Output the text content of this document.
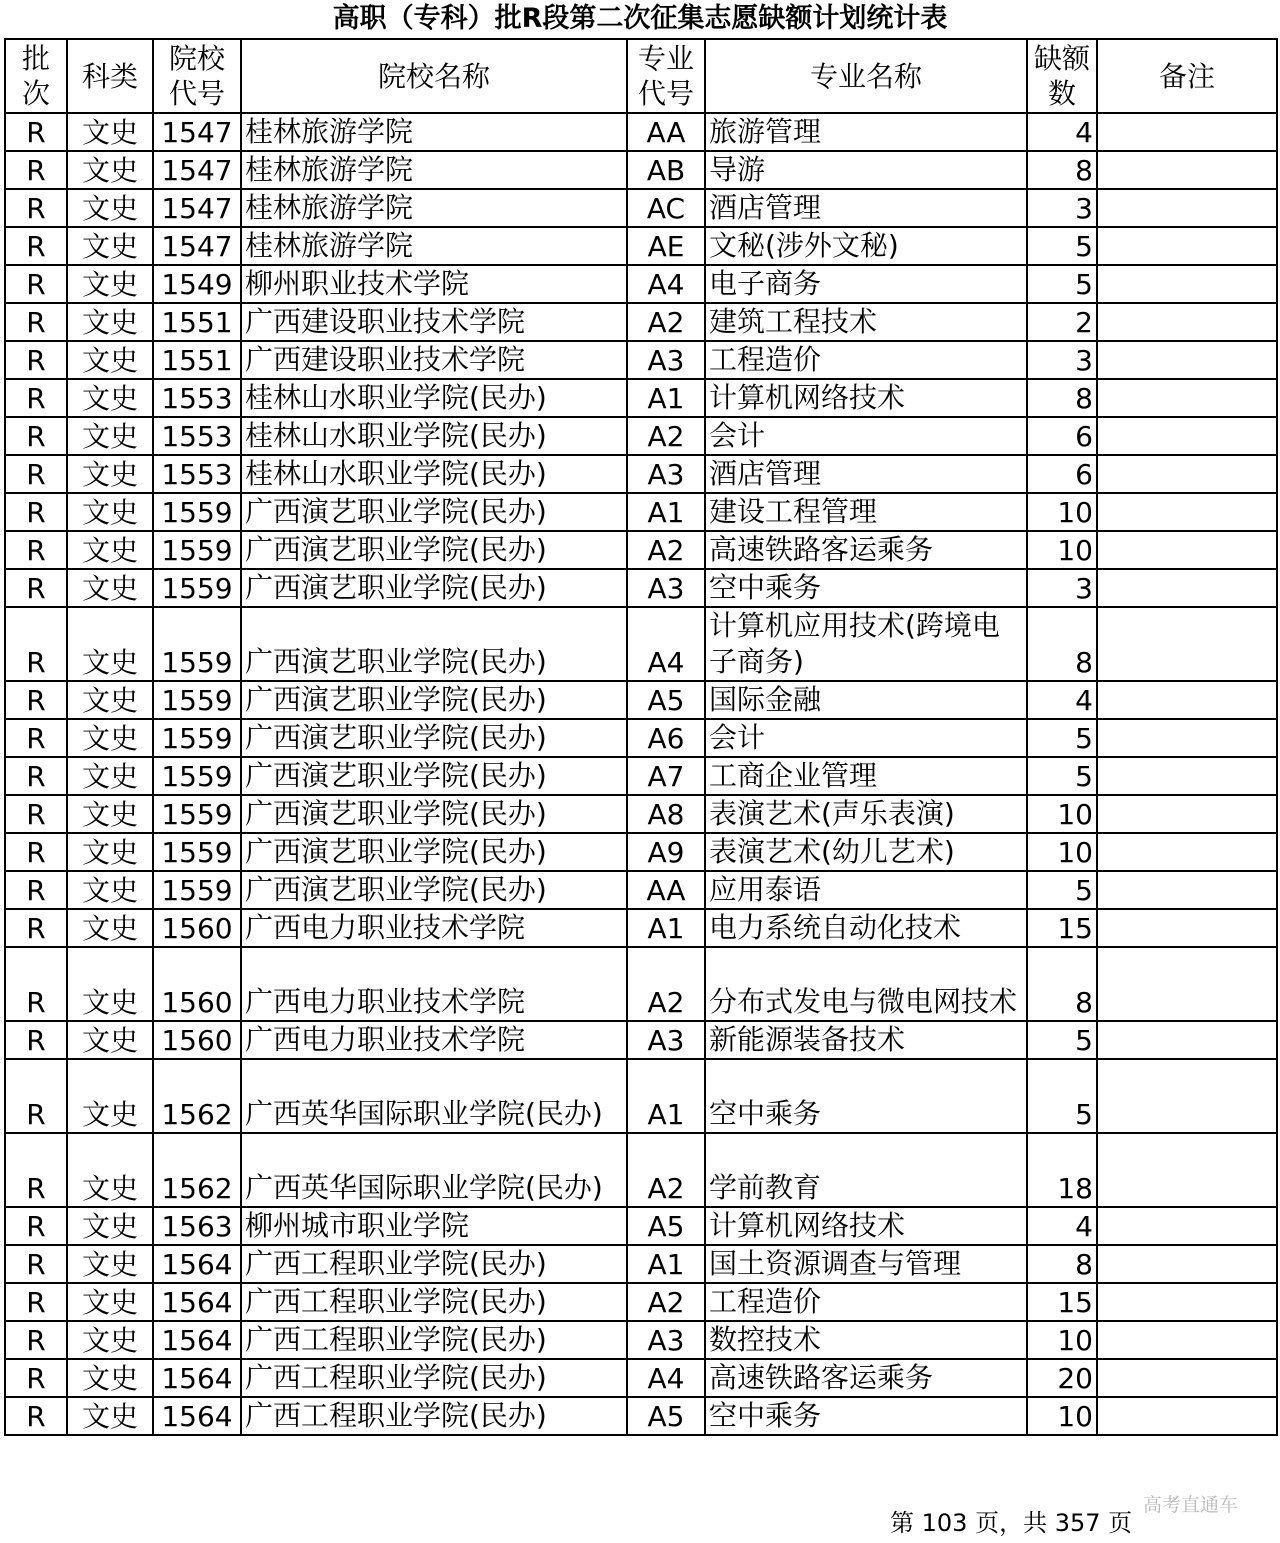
高职（专科）批R段第二次征集志愿缺额计划统计表
批次	科类	院校代号	院校名称	专业代号	专业名称	缺额数	备注
R	文史	1547	桂林旅游学院	AA	旅游管理	4	
R	文史	1547	桂林旅游学院	AB	导游	8	
R	文史	1547	桂林旅游学院	AC	酒店管理	3	
R	文史	1547	桂林旅游学院	AE	文秘(涉外文秘)	5	
R	文史	1549	柳州职业技术学院	A4	电子商务	5	
R	文史	1551	广西建设职业技术学院	A2	建筑工程技术	2	
R	文史	1551	广西建设职业技术学院	A3	工程造价	3	
R	文史	1553	桂林山水职业学院(民办)	A1	计算机网络技术	8	
R	文史	1553	桂林山水职业学院(民办)	A2	会计	6	
R	文史	1553	桂林山水职业学院(民办)	A3	酒店管理	6	
R	文史	1559	广西演艺职业学院(民办)	A1	建设工程管理	10	
R	文史	1559	广西演艺职业学院(民办)	A2	高速铁路客运乘务	10	
R	文史	1559	广西演艺职业学院(民办)	A3	空中乘务	3	
R	文史	1559	广西演艺职业学院(民办)	A4	计算机应用技术(跨境电子商务)	8	
R	文史	1559	广西演艺职业学院(民办)	A5	国际金融	4	
R	文史	1559	广西演艺职业学院(民办)	A6	会计	5	
R	文史	1559	广西演艺职业学院(民办)	A7	工商企业管理	5	
R	文史	1559	广西演艺职业学院(民办)	A8	表演艺术(声乐表演)	10	
R	文史	1559	广西演艺职业学院(民办)	A9	表演艺术(幼儿艺术)	10	
R	文史	1559	广西演艺职业学院(民办)	AA	应用泰语	5	
R	文史	1560	广西电力职业技术学院	A1	电力系统自动化技术	15	
R	文史	1560	广西电力职业技术学院	A2	分布式发电与微电网技术	8	
R	文史	1560	广西电力职业技术学院	A3	新能源装备技术	5	
R	文史	1562	广西英华国际职业学院(民办)	A1	空中乘务	5	
R	文史	1562	广西英华国际职业学院(民办)	A2	学前教育	18	
R	文史	1563	柳州城市职业学院	A5	计算机网络技术	4	
R	文史	1564	广西工程职业学院(民办)	A1	国土资源调查与管理	8	
R	文史	1564	广西工程职业学院(民办)	A2	工程造价	15	
R	文史	1564	广西工程职业学院(民办)	A3	数控技术	10	
R	文史	1564	广西工程职业学院(民办)	A4	高速铁路客运乘务	20	
R	文史	1564	广西工程职业学院(民办)	A5	空中乘务	10	
高考直通车
第 103 页，共 357 页
